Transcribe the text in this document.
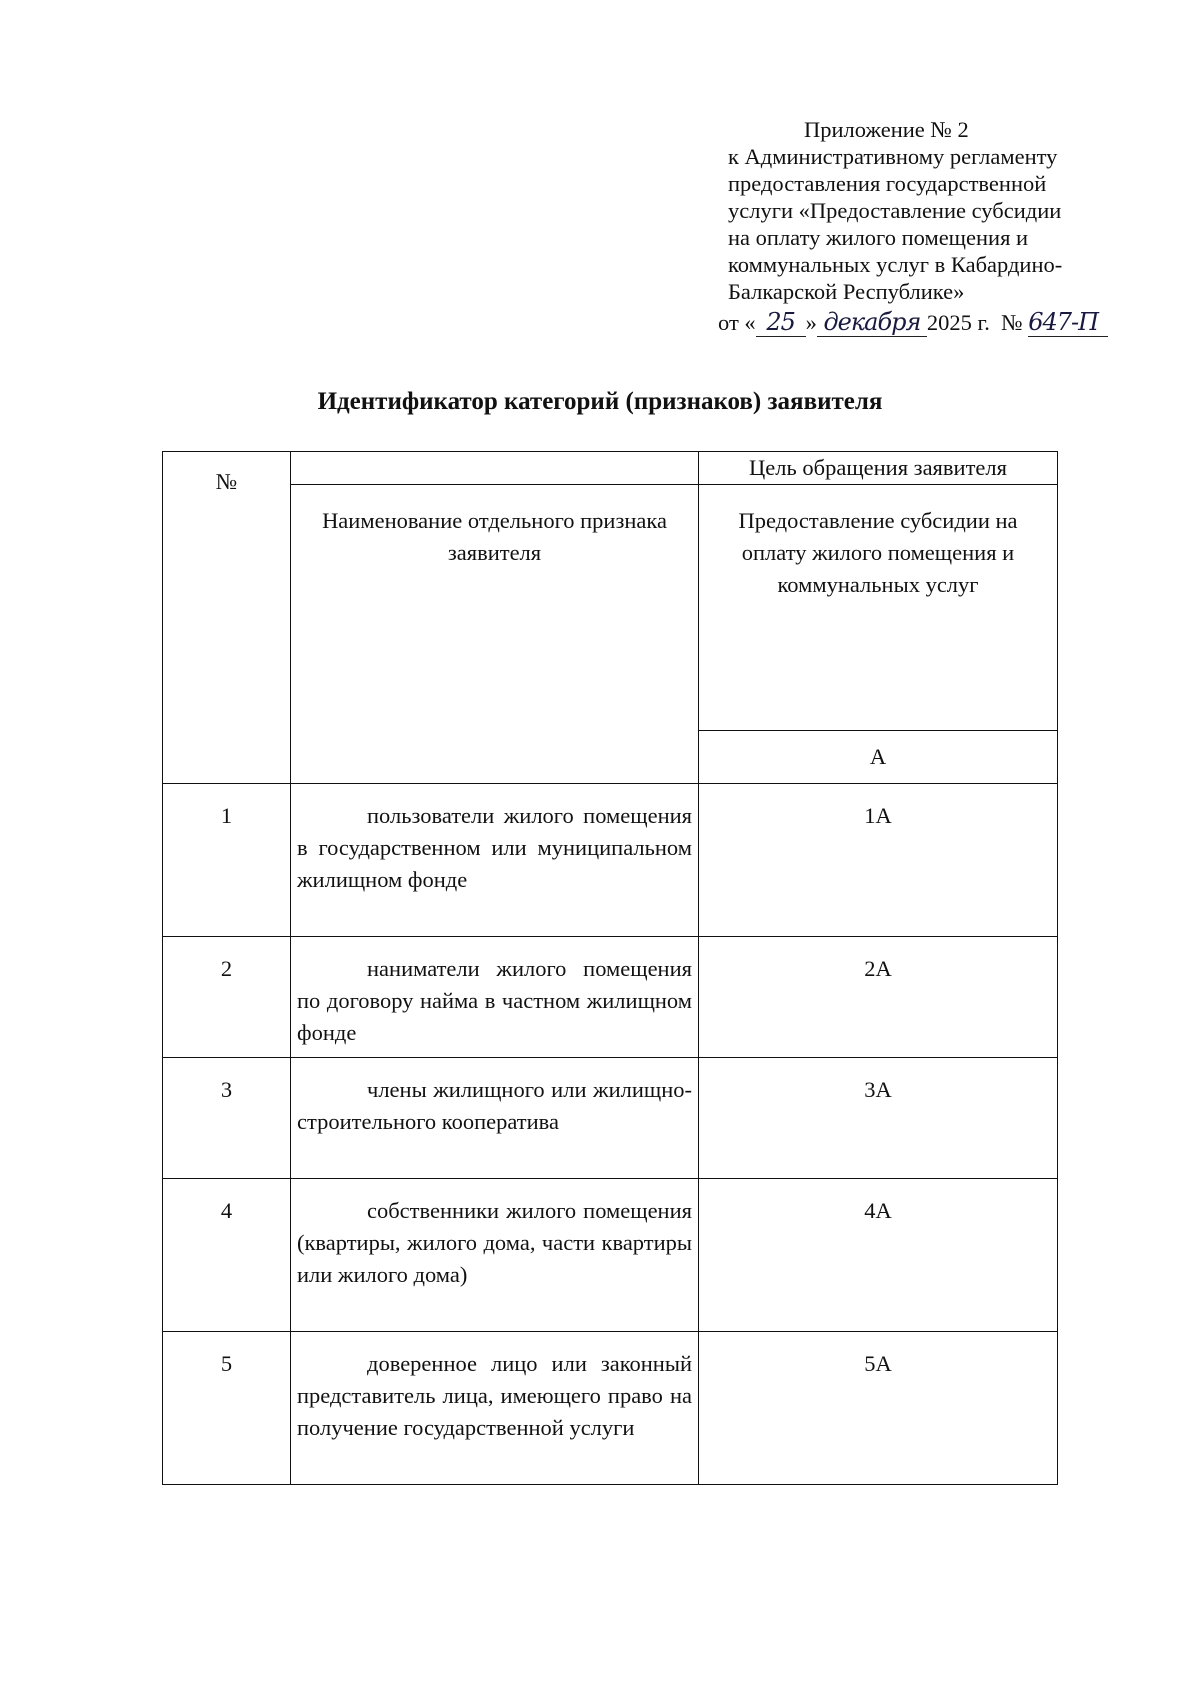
Приложение № 2
к Административному регламенту
предоставления государственной
услуги «Предоставление субсидии
на оплату жилого помещения и
коммунальных услуг в Кабардино-
Балкарской Республике»
от « 25 » декабря 2025 г. № 647-П
Идентификатор категорий (признаков) заявителя
№		Цель обращения заявителя
	Наименование отдельного признака заявителя	Предоставление субсидии на оплату жилого помещения и коммунальных услуг
		А
1	пользователи жилого помещения в государственном или муниципальном жилищном фонде	1А
2	наниматели жилого помещения по договору найма в частном жилищном фонде	2А
3	члены жилищного или жилищно-строительного кооператива	3А
4	собственники жилого помещения (квартиры, жилого дома, части квартиры или жилого дома)	4А
5	доверенное лицо или законный представитель лица, имеющего право на получение государственной услуги	5А
